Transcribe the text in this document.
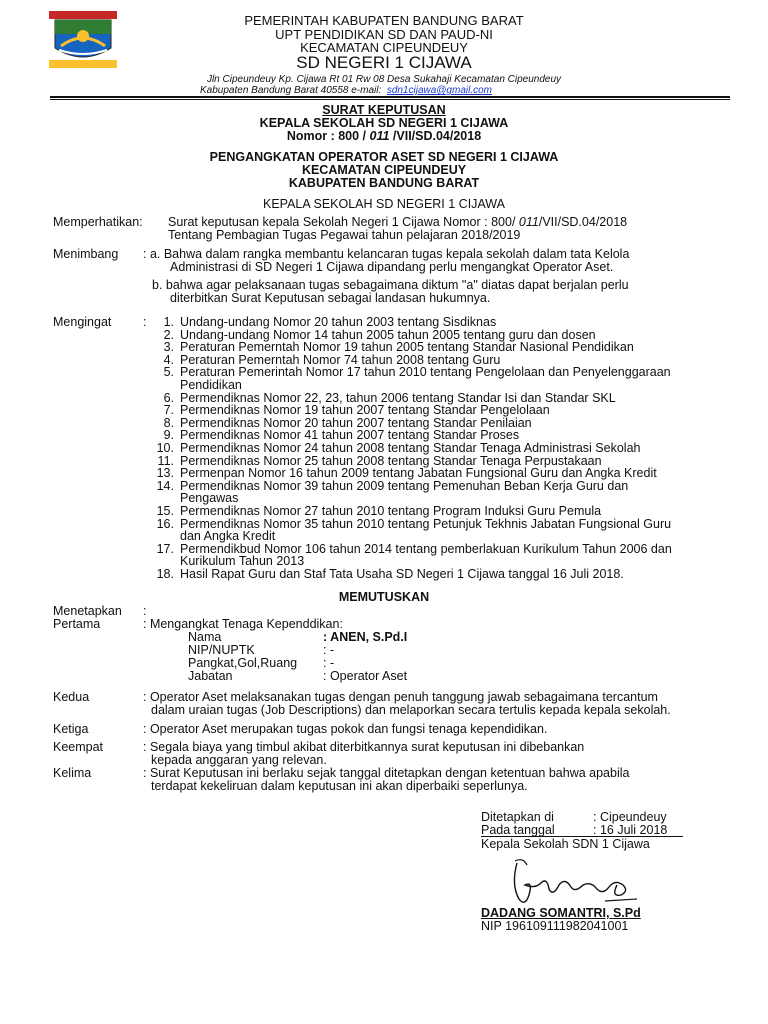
PEMERINTAH KABUPATEN BANDUNG BARAT
UPT PENDIDIKAN SD DAN PAUD-NI
KECAMATAN CIPEUNDEUY
SD NEGERI 1 CIJAWA
Jln Cipeundeuy Kp. Cijawa Rt 01 Rw 08 Desa Sukahaji Kecamatan Cipeundeuy
Kabupaten Bandung Barat 40558 e-mail: sdn1cijawa@gmail.com
SURAT KEPUTUSAN
KEPALA SEKOLAH SD NEGERI 1 CIJAWA
Nomor : 800 / 011 /VII/SD.04/2018
PENGANGKATAN OPERATOR ASET SD NEGERI 1 CIJAWA
KECAMATAN CIPEUNDEUY
KABUPATEN BANDUNG BARAT
KEPALA SEKOLAH SD NEGERI 1 CIJAWA
Memperhatikan: Surat keputusan kepala Sekolah Negeri 1 Cijawa Nomor : 800/ 011/VII/SD.04/2018
Tentang Pembagian Tugas Pegawai tahun pelajaran 2018/2019
Menimbang : a. Bahwa dalam rangka membantu kelancaran tugas kepala sekolah dalam tata Kelola
Administrasi di SD Negeri 1 Cijawa dipandang perlu mengangkat Operator Aset.
b. bahwa agar pelaksanaan tugas sebagaimana diktum "a" diatas dapat berjalan perlu
diterbitkan Surat Keputusan sebagai landasan hukumnya.
Mengingat	:	1. Undang-undang Nomor 20 tahun 2003 tentang Sisdiknas
2. Undang-undang Nomor 14 tahun 2005 tahun 2005 tentang guru dan dosen
3. Peraturan Pemerntah Nomor 19 tahun 2005 tentang Standar Nasional Pendidikan
4. Peraturan Pemerntah Nomor 74 tahun 2008 tentang Guru
5. Peraturan Pemerintah Nomor 17 tahun 2010 tentang Pengelolaan dan Penyelenggaraan
Pendidikan
6. Permendiknas Nomor 22, 23, tahun 2006 tentang Standar Isi dan Standar SKL
7. Permendiknas Nomor 19 tahun 2007 tentang Standar Pengelolaan
8. Permendiknas Nomor 20 tahun 2007 tentang Standar Penilaian
9. Permendiknas Nomor 41 tahun 2007 tentang Standar Proses
10. Permendiknas Nomor 24 tahun 2008 tentang Standar Tenaga Administrasi Sekolah
11. Permendiknas Nomor 25 tahun 2008 tentang Standar Tenaga Perpustakaan
13. Permenpan Nomor 16 tahun 2009 tentang Jabatan Fungsional Guru dan Angka Kredit
14. Permendiknas Nomor 39 tahun 2009 tentang Pemenuhan Beban Kerja Guru dan
Pengawas
15. Permendiknas Nomor 27 tahun 2010 tentang Program Induksi Guru Pemula
16. Permendiknas Nomor 35 tahun 2010 tentang Petunjuk Tekhnis Jabatan Fungsional Guru
dan Angka Kredit
17. Permendikbud Nomor 106 tahun 2014 tentang pemberlakuan Kurikulum Tahun 2006 dan
Kurikulum Tahun 2013
18. Hasil Rapat Guru dan Staf Tata Usaha SD Negeri 1 Cijawa tanggal 16 Juli 2018.
MEMUTUSKAN
Menetapkan :
Pertama	: Mengangkat Tenaga Kependdikan:
Nama	: ANEN, S.Pd.I
NIP/NUPTK	: -
Pangkat,Gol,Ruang : -
Jabatan	: Operator Aset
Kedua	: Operator Aset melaksanakan tugas dengan penuh tanggung jawab sebagaimana tercantum
dalam uraian tugas (Job Descriptions) dan melaporkan secara tertulis kepada kepala sekolah.
Ketiga	: Operator Aset merupakan tugas pokok dan fungsi tenaga kependidikan.
Keempat	: Segala biaya yang timbul akibat diterbitkannya surat keputusan ini dibebankan
kepada anggaran yang relevan.
Kelima	: Surat Keputusan ini berlaku sejak tanggal ditetapkan dengan ketentuan bahwa apabila
terdapat kekeliruan dalam keputusan ini akan diperbaiki seperlunya.
Ditetapkan di	: Cipeundeuy
Pada tanggal	: 16 Juli 2018
Kepala Sekolah SDN 1 Cijawa
DADANG SOMANTRI, S.Pd
NIP 196109111982041001
